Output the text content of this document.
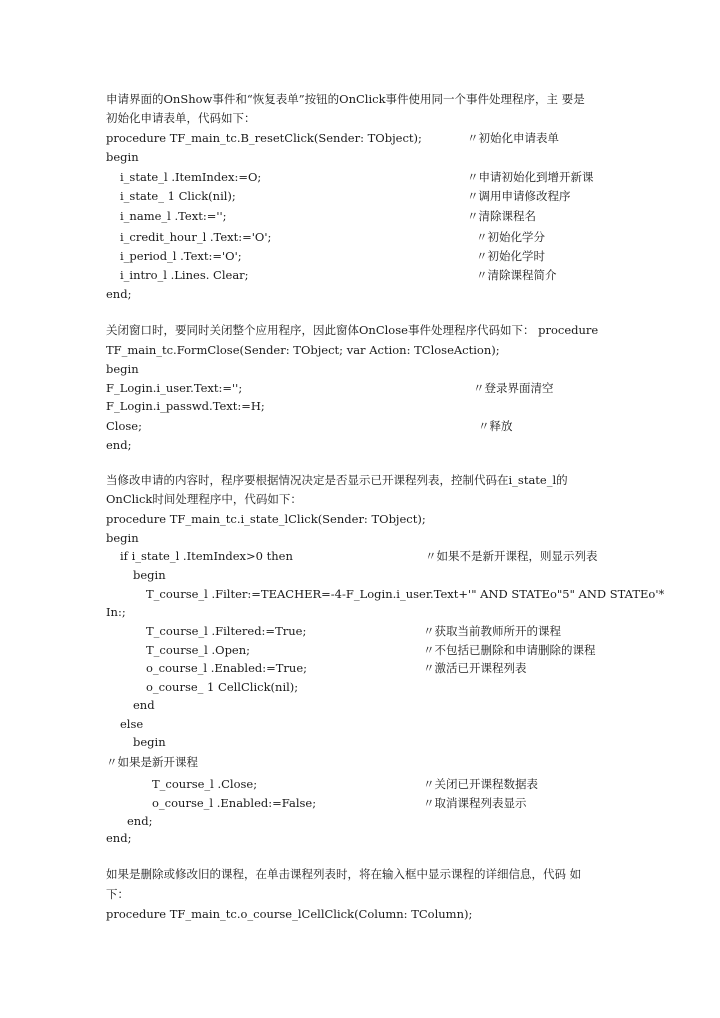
申请界面的OnShow事件和“恢复表单”按钮的OnClick事件使用同一个事件处理程序，主 要是
初始化申请表单，代码如下：
procedure TF_main_tc.B_resetClick(Sender: TObject);	〃初始化申请表单
begin
i_state_l .ItemIndex:=O;	〃申请初始化到增开新课
i_state_ 1 Click(nil);	〃调用申请修改程序
i_name_l .Text:='';	〃清除课程名
i_credit_hour_l .Text:='O';	〃初始化学分
i_period_l .Text:='O';	〃初始化学时
i_intro_l .Lines. Clear;	〃清除课程简介
end;
关闭窗口时，要同时关闭整个应用程序，因此窗体OnClose事件处理程序代码如下： procedure
TF_main_tc.FormClose(Sender: TObject; var Action: TCloseAction);
begin
F_Login.i_user.Text:='';	〃登录界面清空
F_Login.i_passwd.Text:=H;
Close;	〃释放
end;
当修改申请的内容时，程序要根据情况决定是否显示已开课程列表，控制代码在i_state_l的
OnClick时间处理程序中，代码如下：
procedure TF_main_tc.i_state_lClick(Sender: TObject);
begin
if i_state_l .ItemIndex>0 then	〃如果不是新开课程，则显示列表
begin
T_course_l .Filter:=TEACHER=-4-F_Login.i_user.Text+'" AND STATEo"5" AND STATEo'*
In:;
T_course_l .Filtered:=True;	〃获取当前教师所开的课程
T_course_l .Open;	〃不包括已删除和申请删除的课程
o_course_l .Enabled:=True;	〃激活已开课程列表
o_course_ 1 CellClick(nil);
end
else
begin
〃如果是新开课程
T_course_l .Close;	〃关闭已开课程数据表
o_course_l .Enabled:=False;	〃取消课程列表显示
end;
end;
如果是删除或修改旧的课程，在单击课程列表时，将在输入框中显示课程的详细信息，代码 如
下：
procedure TF_main_tc.o_course_lCellClick(Column: TColumn);
